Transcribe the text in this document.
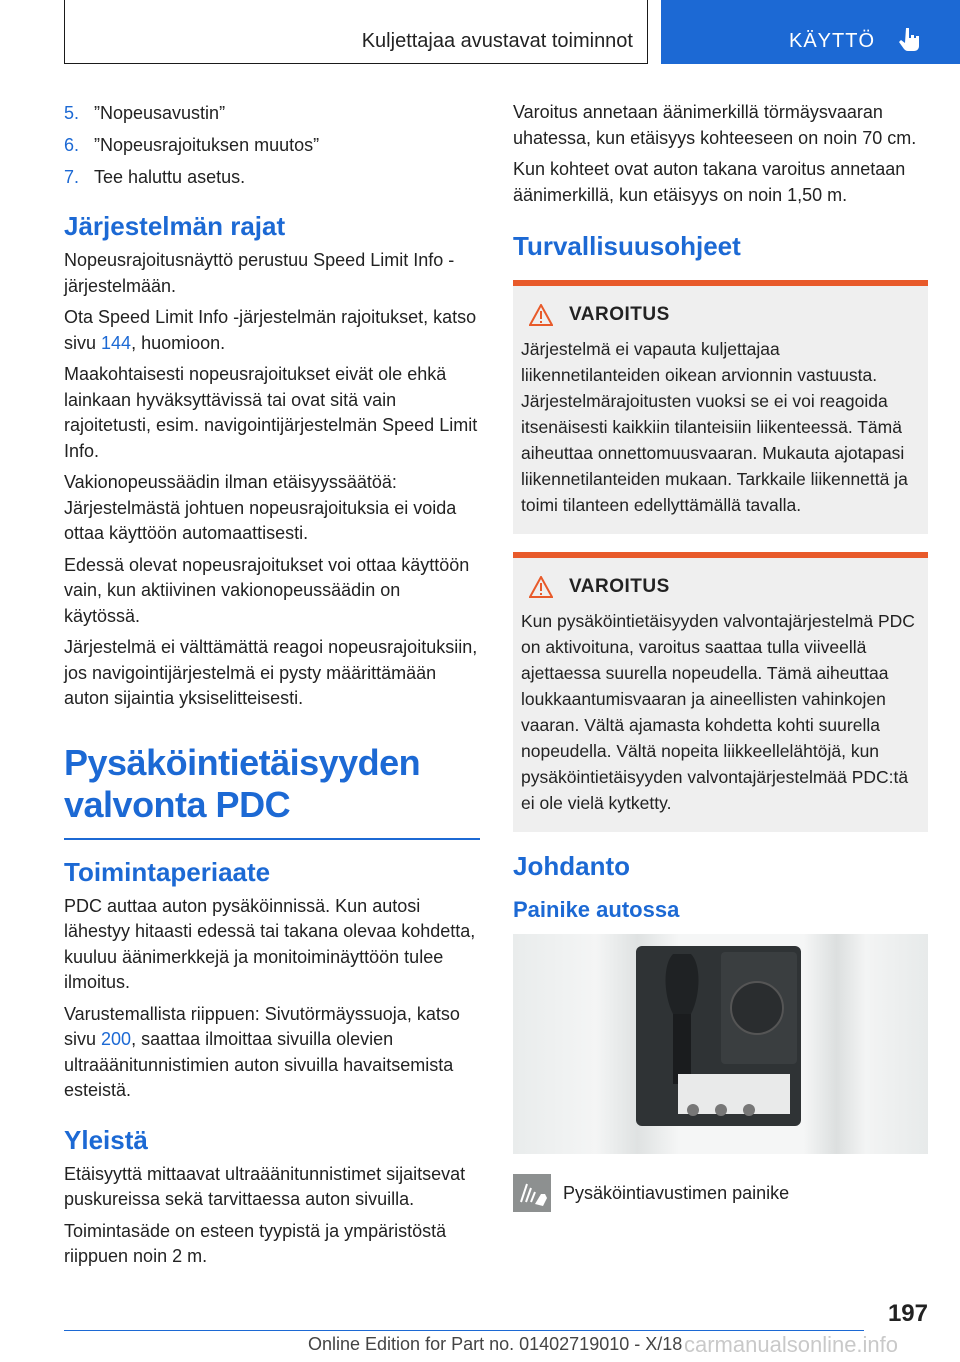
Kuljettajaa avustavat toiminnot	KÄYTTÖ
5. ”Nopeusavustin”
6. ”Nopeusrajoituksen muutos”
7. Tee haluttu asetus.
Järjestelmän rajat

Nopeusrajoitusnäyttö perustuu Speed Limit Info -järjestelmään.

Ota Speed Limit Info -järjestelmän rajoitukset, katso sivu 144, huomioon.

Maakohtaisesti nopeusrajoitukset eivät ole ehkä lainkaan hyväksyttävissä tai ovat sitä vain rajoitetusti, esim. navigointijärjestelmän Speed Limit Info.

Vakionopeussäädin ilman etäisyyssäätöä: Järjestelmästä johtuen nopeusrajoituksia ei voida ottaa käyttöön automaattisesti.

Edessä olevat nopeusrajoitukset voi ottaa käyttöön vain, kun aktiivinen vakionopeussäädin on käytössä.

Järjestelmä ei välttämättä reagoi nopeusrajoituksiin, jos navigointijärjestelmä ei pysty määrittämään auton sijaintia yksiselitteisesti.

Pysäköintietäisyyden valvonta PDC
Toimintaperiaate

PDC auttaa auton pysäköinnissä. Kun autosi lähestyy hitaasti edessä tai takana olevaa kohdetta, kuuluu äänimerkkejä ja monitoiminäyttöön tulee ilmoitus.

Varustemallista riippuen: Sivutörmäyssuoja, katso sivu 200, saattaa ilmoittaa sivuilla olevien ultraäänitunnistimien auton sivuilla havaitsemista esteistä.

Yleistä

Etäisyyttä mittaavat ultraäänitunnistimet sijaitsevat puskureissa sekä tarvittaessa auton sivuilla.

Toimintasäde on esteen tyypistä ja ympäristöstä riippuen noin 2 m.

Varoitus annetaan äänimerkillä törmäysvaaran uhatessa, kun etäisyys kohteeseen on noin 70 cm.

Kun kohteet ovat auton takana varoitus annetaan äänimerkillä, kun etäisyys on noin 1,50 m.

Turvallisuusohjeet
VAROITUS

Järjestelmä ei vapauta kuljettajaa liikennetilanteiden oikean arvionnin vastuusta. Järjestelmärajoitusten vuoksi se ei voi reagoida itsenäisesti kaikkiin tilanteisiin liikenteessä. Tämä aiheuttaa onnettomuusvaaran. Mukauta ajotapasi liikennetilanteiden mukaan. Tarkkaile liikennettä ja toimi tilanteen edellyttämällä tavalla.

VAROITUS

Kun pysäköintietäisyyden valvontajärjestelmä PDC on aktivoituna, varoitus saattaa tulla viiveellä ajettaessa suurella nopeudella. Tämä aiheuttaa loukkaantumisvaaran ja aineellisten vahinkojen vaaran. Vältä ajamasta kohdetta kohti suurella nopeudella. Vältä nopeita liikkeellelähtöjä, kun pysäköintietäisyyden valvontajärjestelmää PDC:tä ei ole vielä kytketty.

Johdanto
Painike autossa
Pysäköintiavustimen painike
197
Online Edition for Part no. 01402719010 - X/18 carmanualsonline.info
